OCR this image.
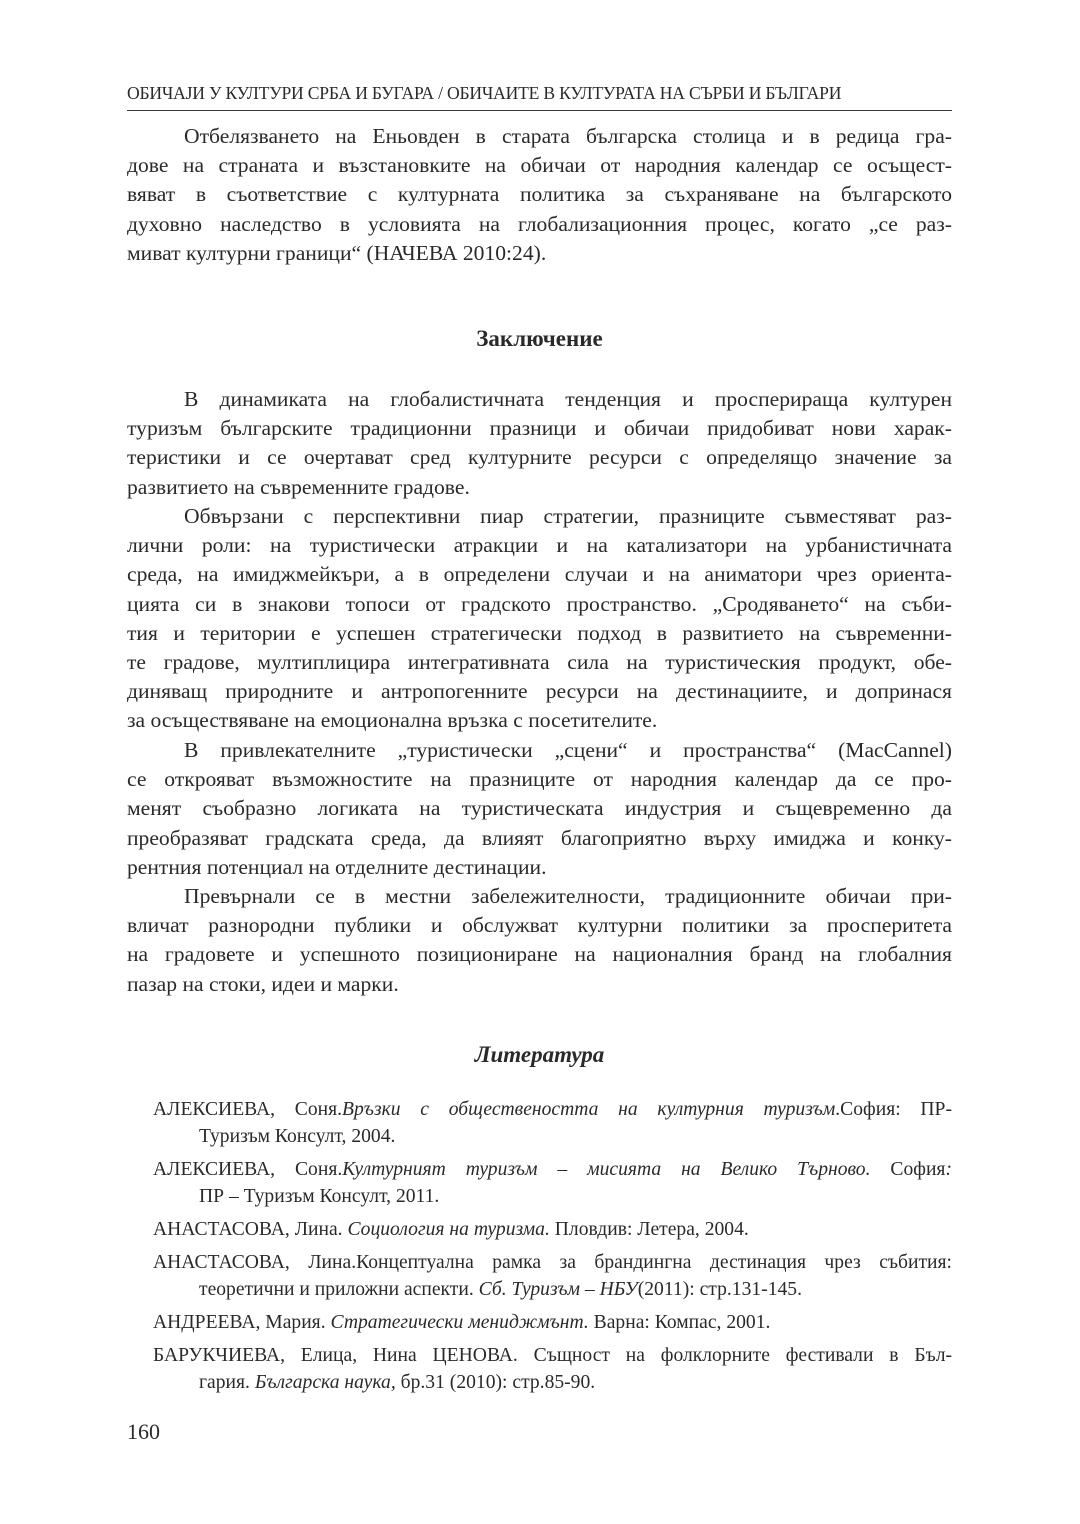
ОБИЧАЈИ У КУЛТУРИ СРБА И БУГАРА / ОБИЧАИТЕ В КУЛТУРАТА НА СЪРБИ И БЪЛГАРИ
Отбелязването на Еньовден в старата българска столица и в редица гра-
дове на страната и възстановките на обичаи от народния календар се осъщест-
вяват в съответствие с културната политика за съхраняване на българското
духовно наследство в условията на глобализационния процес, когато „се раз-
миват културни граници“ (НАЧЕВА 2010:24).
Заключение
В динамиката на глобалистичната тенденция и просперираща културен
туризъм българските традиционни празници и обичаи придобиват нови харак-
теристики и се очертават сред културните ресурси с определящо значение за
развитието на съвременните градове.
Обвързани с перспективни пиар стратегии, празниците съвместяват раз-
лични роли: на туристически атракции и на катализатори на урбанистичната
среда, на имиджмейкъри, а в определени случаи и на аниматори чрез ориента-
цията си в знакови топоси от градското пространство. „Сродяването“ на съби-
тия и територии е успешен стратегически подход в развитието на съвременни-
те градове, мултиплицира интегративната сила на туристическия продукт, обе-
диняващ природните и антропогенните ресурси на дестинациите, и допринася
за осъществяване на емоционална връзка с посетителите.
В привлекателните „туристически „сцени“ и пространства“ (MacCannel)
се открояват възможностите на празниците от народния календар да се про-
менят съобразно логиката на туристическата индустрия и същевременно да
преобразяват градската среда, да влияят благоприятно върху имиджа и конку-
рентния потенциал на отделните дестинации.
Превърнали се в местни забележителности, традиционните обичаи при-
вличат разнородни публики и обслужват културни политики за просперитета
на градовете и успешното позициониране на националния бранд на глобалния
пазар на стоки, идеи и марки.
Литература
АЛЕКСИЕВА, Соня.Връзки с обществеността на културния туризъм.София: ПР-
Туризъм Консулт, 2004.
АЛЕКСИЕВА, Соня.Културният туризъм – мисията на Велико Търново. София:
ПР – Туризъм Консулт, 2011.
АНАСТАСОВА, Лина. Социология на туризма. Пловдив: Летера, 2004.
АНАСТАСОВА, Лина.Концептуална рамка за брандингна дестинация чрез събития:
теоретични и приложни аспекти. Сб. Туризъм – НБУ(2011): стр.131-145.
АНДРЕЕВА, Мария. Стратегически мениджмънт. Варна: Компас, 2001.
БАРУКЧИЕВА, Елица, Нина ЦЕНОВА. Същност на фолклорните фестивали в Бъл-
гария. Българска наука, бр.31 (2010): стр.85-90.
160
